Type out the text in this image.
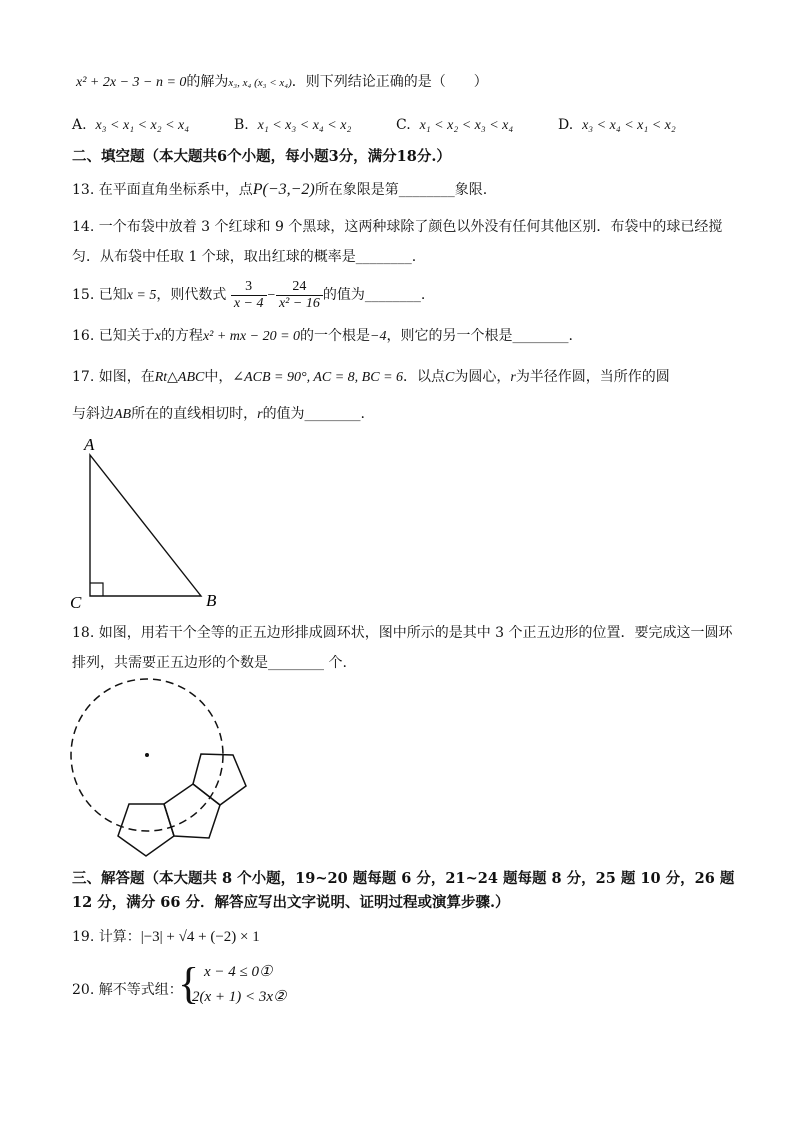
x² + 2x − 3 − n = 0的解为x₃, x₄ (x₃ < x₄)．则下列结论正确的是（　　）
A. x₃ < x₁ < x₂ < x₄	B. x₁ < x₃ < x₄ < x₂	C. x₁ < x₂ < x₃ < x₄	D. x₃ < x₄ < x₁ < x₂
二、填空题（本大题共6个小题，每小题3分，满分18分.）
13. 在平面直角坐标系中，点P(−3,−2)所在象限是第________象限.
14. 一个布袋中放着 3 个红球和 9 个黑球，这两种球除了颜色以外没有任何其他区别．布袋中的球已经搅
匀．从布袋中任取 1 个球，取出红球的概率是________.
15. 已知x = 5，则代数式 $\frac{3}{x - 4} - \frac{24}{\text{x² − 16}}$ 的值为________.
16. 已知关于x的方程x² + mx − 20 = 0的一个根是−4，则它的另一个根是________.
17. 如图，在Rt△ABC中，∠ACB = 90°, AC = 8, BC = 6．以点C为圆心，r为半径作圆，当所作的圆
与斜边AB所在的直线相切时，r的值为________.
A
C	B
18. 如图，用若干个全等的正五边形排成圆环状，图中所示的是其中 3 个正五边形的位置．要完成这一圆环
排列，共需要正五边形的个数是________ 个.
三、解答题（本大题共 8 个小题，19~20 题每题 6 分，21~24 题每题 8 分，25 题 10 分，26 题
12 分，满分 66 分．解答应写出文字说明、证明过程或演算步骤.）
19. 计算：|−3| + √4 + (−2) × 1
20. 解不等式组：
{ x − 4 ≤ 0①
2(x + 1) < 3x②
